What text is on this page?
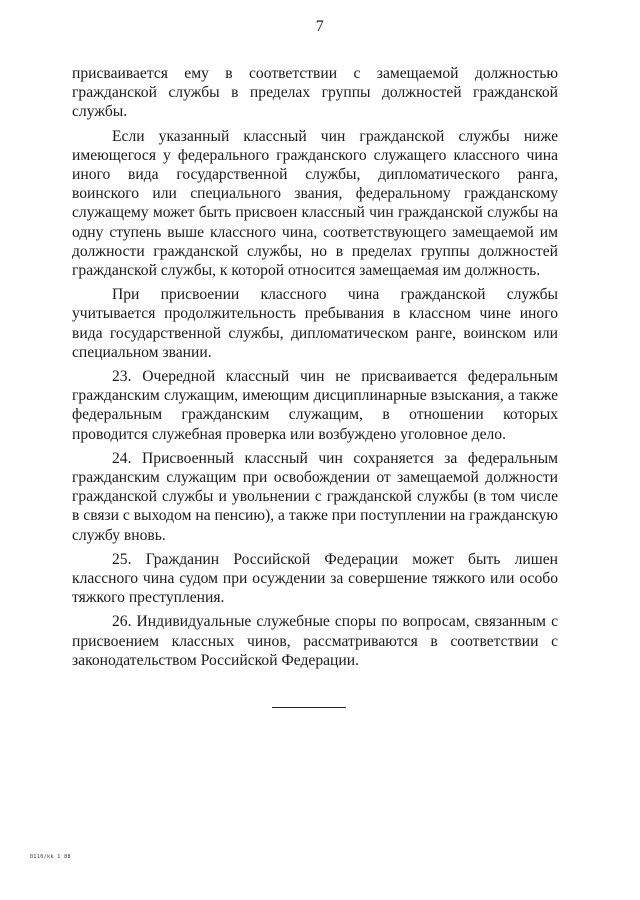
7

присваивается ему в соответствии с замещаемой должностью гражданской службы в пределах группы должностей гражданской службы.

Если указанный классный чин гражданской службы ниже имеющегося у федерального гражданского служащего классного чина иного вида государственной службы, дипломатического ранга, воинского или специального звания, федеральному гражданскому служащему может быть присвоен классный чин гражданской службы на одну ступень выше классного чина, соответствующего замещаемой им должности гражданской службы, но в пределах группы должностей гражданской службы, к которой относится замещаемая им должность.

При присвоении классного чина гражданской службы учитывается продолжительность пребывания в классном чине иного вида государственной службы, дипломатическом ранге, воинском или специальном звании.

23. Очередной классный чин не присваивается федеральным гражданским служащим, имеющим дисциплинарные взыскания, а также федеральным гражданским служащим, в отношении которых проводится служебная проверка или возбуждено уголовное дело.

24. Присвоенный классный чин сохраняется за федеральным гражданским служащим при освобождении от замещаемой должности гражданской службы и увольнении с гражданской службы (в том числе в связи с выходом на пенсию), а также при поступлении на гражданскую службу вновь.

25. Гражданин Российской Федерации может быть лишен классного чина судом при осуждении за совершение тяжкого или особо тяжкого преступления.

26. Индивидуальные служебные споры по вопросам, связанным с присвоением классных чинов, рассматриваются в соответствии с законодательством Российской Федерации.

0110/kk 1 88
